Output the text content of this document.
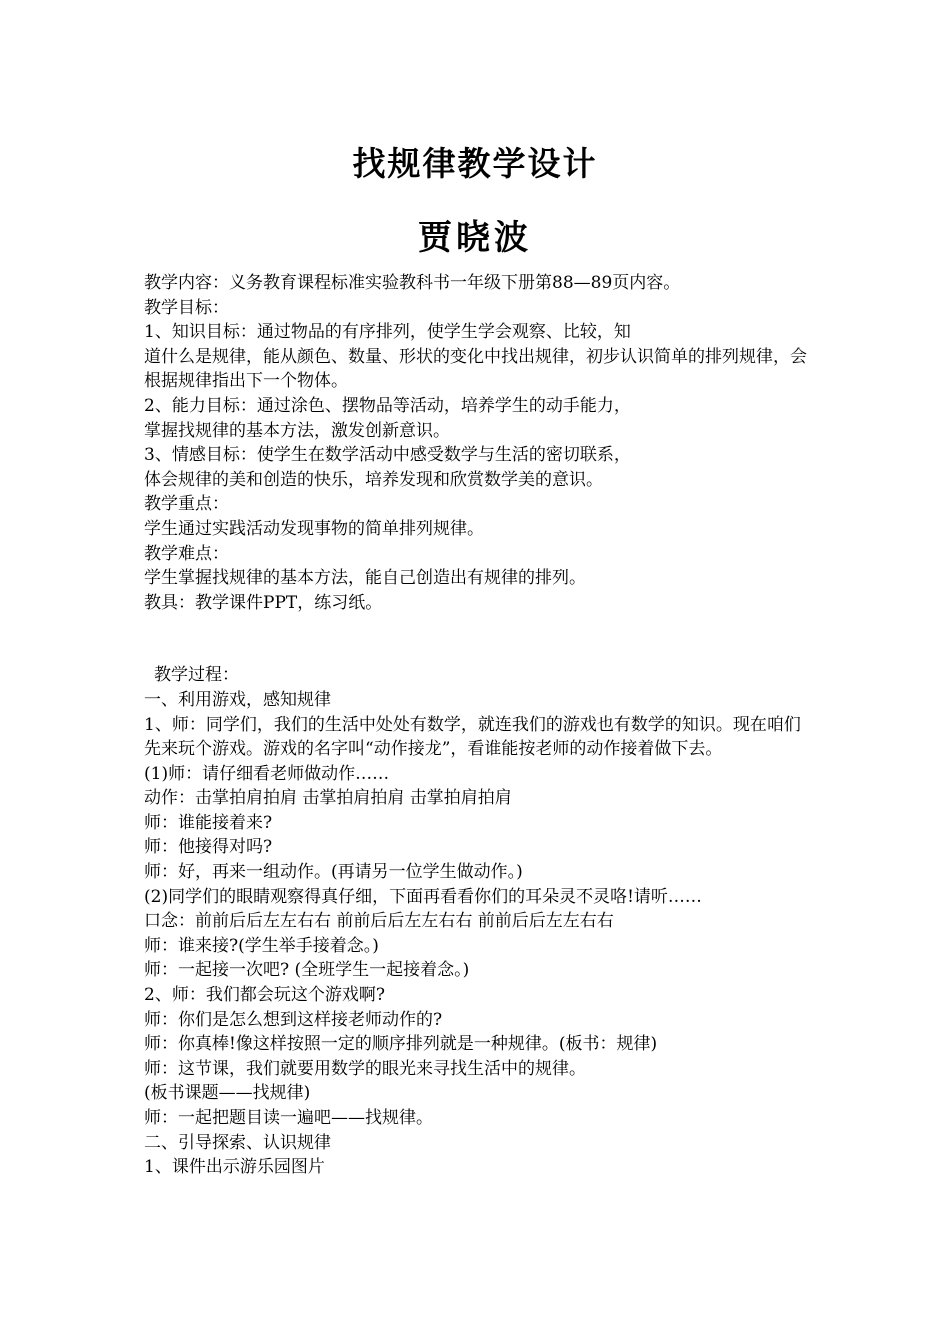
找规律教学设计
贾晓波
教学内容：义务教育课程标准实验教科书一年级下册第88—89页内容。
教学目标：
1、知识目标：通过物品的有序排列，使学生学会观察、比较，知
道什么是规律，能从颜色、数量、形状的变化中找出规律，初步认识简单的排列规律，会根据规律指出下一个物体。
2、能力目标：通过涂色、摆物品等活动，培养学生的动手能力，
掌握找规律的基本方法，激发创新意识。
3、情感目标：使学生在数学活动中感受数学与生活的密切联系，
体会规律的美和创造的快乐，培养发现和欣赏数学美的意识。
教学重点：
学生通过实践活动发现事物的简单排列规律。
教学难点：
学生掌握找规律的基本方法，能自己创造出有规律的排列。
教具：教学课件PPT，练习纸。
教学过程：
一、利用游戏，感知规律
1、师：同学们，我们的生活中处处有数学，就连我们的游戏也有数学的知识。现在咱们先来玩个游戏。游戏的名字叫“动作接龙”，看谁能按老师的动作接着做下去。
(1)师：请仔细看老师做动作……
动作：击掌拍肩拍肩 击掌拍肩拍肩 击掌拍肩拍肩
师：谁能接着来?
师：他接得对吗?
师：好，再来一组动作。(再请另一位学生做动作。)
(2)同学们的眼睛观察得真仔细，下面再看看你们的耳朵灵不灵咯!请听……
口念：前前后后左左右右 前前后后左左右右 前前后后左左右右
师：谁来接?(学生举手接着念。)
师：一起接一次吧? (全班学生一起接着念。)
2、师：我们都会玩这个游戏啊?
师：你们是怎么想到这样接老师动作的?
师：你真棒!像这样按照一定的顺序排列就是一种规律。(板书：规律)
师：这节课，我们就要用数学的眼光来寻找生活中的规律。
(板书课题——找规律)
师：一起把题目读一遍吧——找规律。
二、引导探索、认识规律
1、课件出示游乐园图片
